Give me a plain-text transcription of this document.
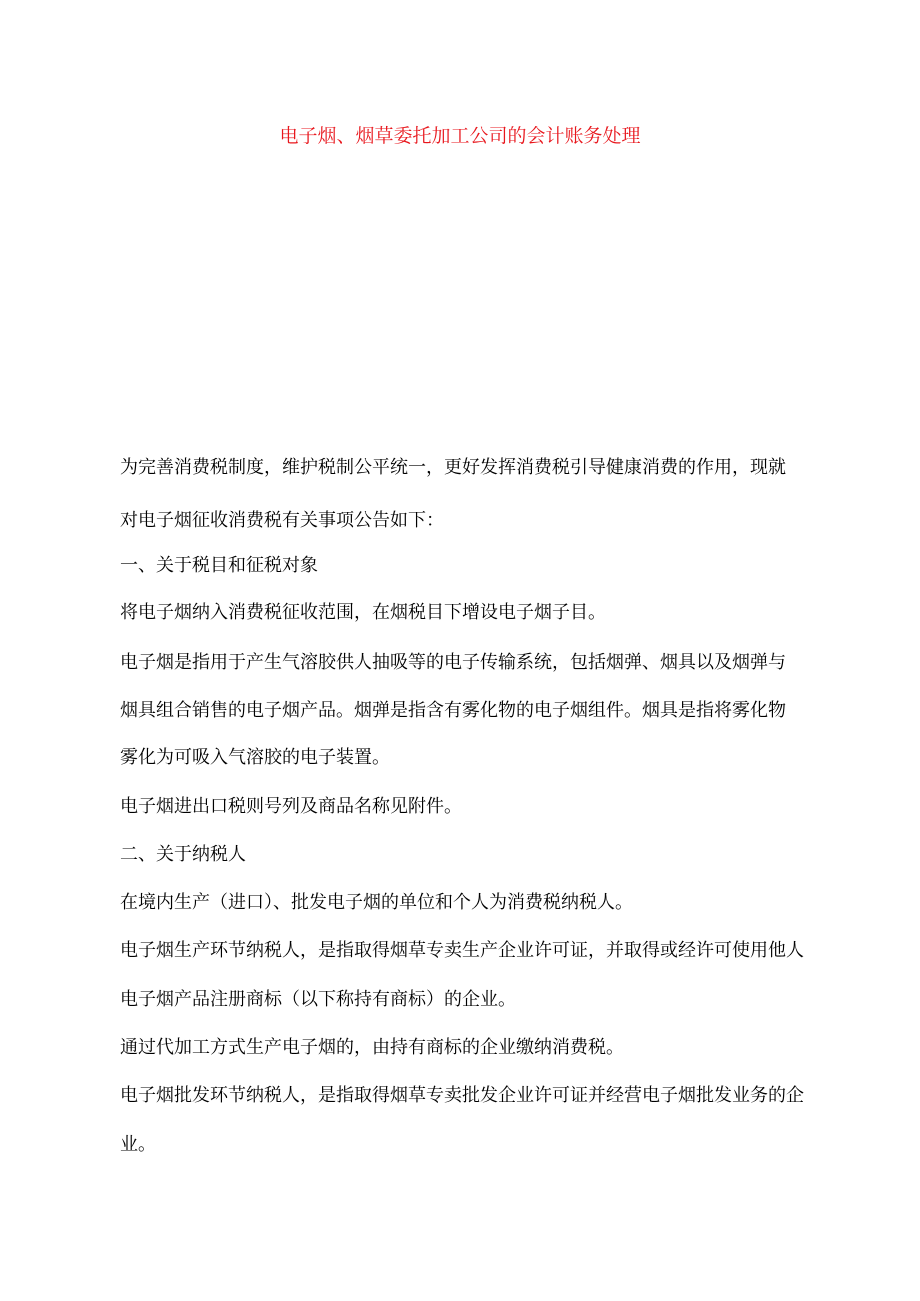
电子烟、烟草委托加工公司的会计账务处理
为完善消费税制度，维护税制公平统一，更好发挥消费税引导健康消费的作用，现就
对电子烟征收消费税有关事项公告如下：
一、关于税目和征税对象
将电子烟纳入消费税征收范围，在烟税目下增设电子烟子目。
电子烟是指用于产生气溶胶供人抽吸等的电子传输系统，包括烟弹、烟具以及烟弹与
烟具组合销售的电子烟产品。烟弹是指含有雾化物的电子烟组件。烟具是指将雾化物
雾化为可吸入气溶胶的电子装置。
电子烟进出口税则号列及商品名称见附件。
二、关于纳税人
在境内生产（进口）、批发电子烟的单位和个人为消费税纳税人。
电子烟生产环节纳税人，是指取得烟草专卖生产企业许可证，并取得或经许可使用他人
电子烟产品注册商标（以下称持有商标）的企业。
通过代加工方式生产电子烟的，由持有商标的企业缴纳消费税。
电子烟批发环节纳税人，是指取得烟草专卖批发企业许可证并经营电子烟批发业务的企
业。
